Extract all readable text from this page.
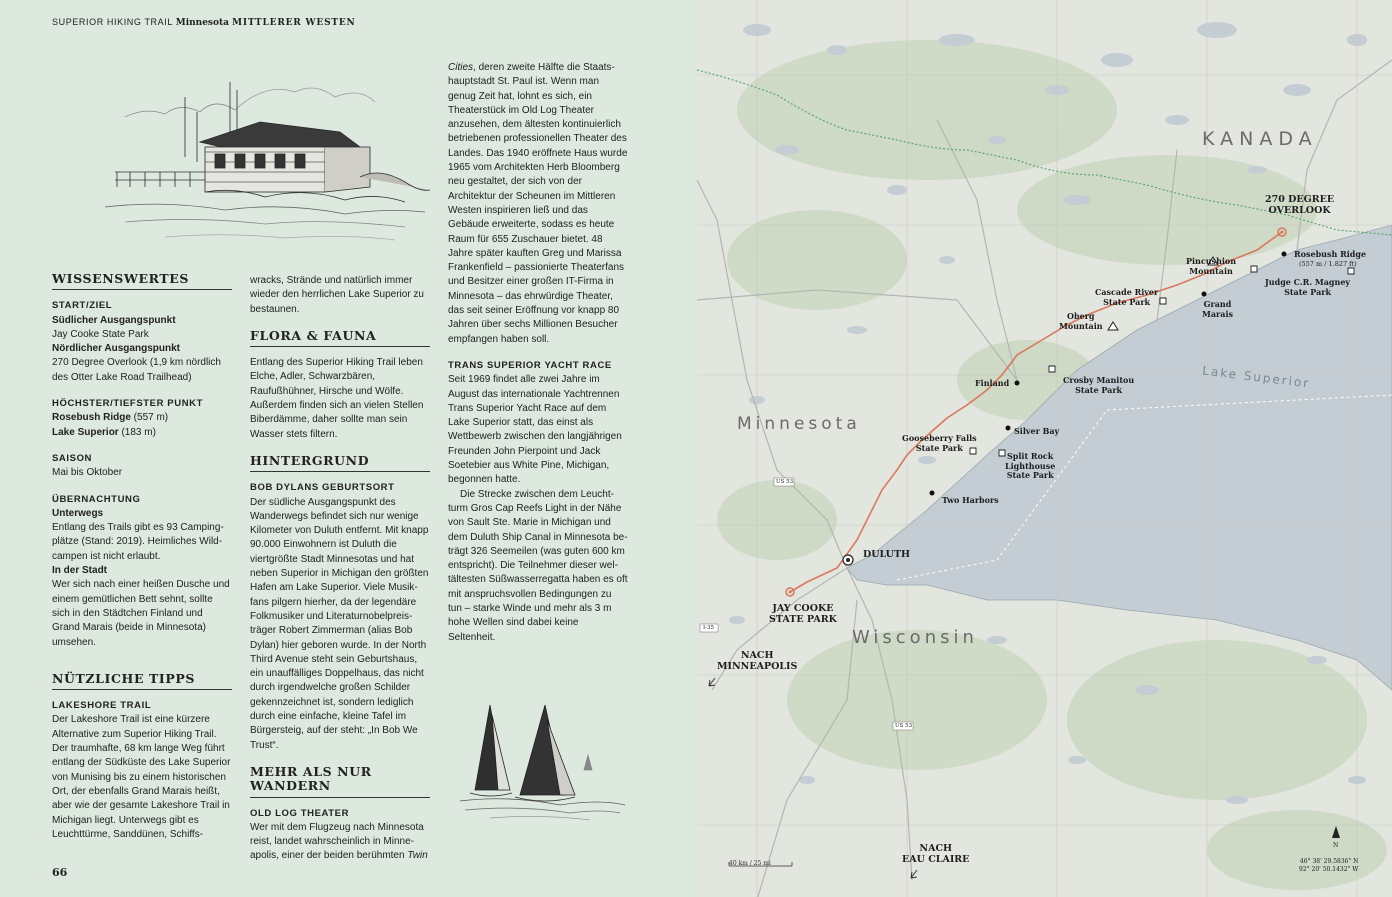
SUPERIOR HIKING TRAIL Minnesota MITTLERER WESTEN
WISSENSWERTES
START/ZIEL

Südlicher Ausgangspunkt

Jay Cooke State Park

Nördlicher Ausgangspunkt

270 Degree Overlook (1,9 km nördlich des Otter Lake Road Trailhead)

HÖCHSTER/TIEFSTER PUNKT

Rosebush Ridge (557 m)

Lake Superior (183 m)

SAISON

Mai bis Oktober

ÜBERNACHTUNG

Unterwegs

Entlang des Trails gibt es 93 Campingplätze (Stand: 2019). Heimliches Wildcampen ist nicht erlaubt.

In der Stadt

Wer sich nach einer heißen Dusche und einem gemütlichen Bett sehnt, sollte sich in den Städtchen Finland und Grand Marais (beide in Minnesota) umsehen.

NÜTZLICHE TIPPS
LAKESHORE TRAIL

Der Lakeshore Trail ist eine kürzere Alternative zum Superior Hiking Trail. Der traumhafte, 68 km lange Weg führt entlang der Südküste des Lake Superior von Munising bis zu einem historischen Ort, der ebenfalls Grand Marais heißt, aber wie der gesamte Lakeshore Trail in Michigan liegt. Unterwegs gibt es Leuchttürme, Sanddünen, Schiffs-

wracks, Strände und natürlich immer wieder den herrlichen Lake Superior zu bestaunen.

FLORA & FAUNA

Entlang des Superior Hiking Trail leben Elche, Adler, Schwarzbären, Raufußhühner, Hirsche und Wölfe. Außerdem finden sich an vielen Stellen Biberdämme, daher sollte man sein Wasser stets filtern.

HINTERGRUND
BOB DYLANS GEBURTSORT

Der südliche Ausgangspunkt des Wanderwegs befindet sich nur wenige Kilometer von Duluth entfernt. Mit knapp 90.000 Einwohnern ist Duluth die viertgrößte Stadt Minnesotas und hat neben Superior in Michigan den größten Hafen am Lake Superior. Viele Musikfans pilgern hierher, da der legendäre Folkmusiker und Literaturnobelpreisträger Robert Zimmerman (alias Bob Dylan) hier geboren wurde. In der North Third Avenue steht sein Geburtshaus, ein unauffälliges Doppelhaus, das nicht durch irgendwelche großen Schilder gekennzeichnet ist, sondern lediglich durch eine einfache, kleine Tafel im Bürgersteig, auf der steht: „In Bob We Trust“.

MEHR ALS NUR WANDERN
OLD LOG THEATER

Wer mit dem Flugzeug nach Minnesota reist, landet wahrscheinlich in Minneapolis, einer der beiden berühmten Twin

Cities, deren zweite Hälfte die Staatshauptstadt St. Paul ist. Wenn man genug Zeit hat, lohnt es sich, ein Theaterstück im Old Log Theater anzusehen, dem ältesten kontinuierlich betriebenen professionellen Theater des Landes. Das 1940 eröffnete Haus wurde 1965 vom Architekten Herb Bloomberg neu gestaltet, der sich von der Architektur der Scheunen im Mittleren Westen inspirieren ließ und das Gebäude erweiterte, sodass es heute Raum für 655 Zuschauer bietet. 48 Jahre später kauften Greg und Marissa Frankenfield – passionierte Theaterfans und Besitzer einer großen IT-Firma in Minnesota – das ehrwürdige Theater, das seit seiner Eröffnung vor knapp 80 Jahren über sechs Millionen Besucher empfangen haben soll.

TRANS SUPERIOR YACHT RACE

Seit 1969 findet alle zwei Jahre im August das internationale Yachtrennen Trans Superior Yacht Race auf dem Lake Superior statt, das einst als Wettbewerb zwischen den langjährigen Freunden John Pierpoint und Jack Soetebier aus White Pine, Michigan, begonnen hatte.

Die Strecke zwischen dem Leuchtturm Gros Cap Reefs Light in der Nähe von Sault Ste. Marie in Michigan und dem Duluth Ship Canal in Minnesota beträgt 326 Seemeilen (was guten 600 km entspricht). Die Teilnehmer dieser weltältesten Süßwasserregatta haben es oft mit anspruchsvollen Bedingungen zu tun – starke Winde und mehr als 3 m hohe Wellen sind dabei keine Seltenheit.

66
KANADA
Minnesota
Wisconsin
Lake Superior
270 DEGREE
OVERLOOK
Rosebush Ridge
(557 m / 1.827 ft)
Pincushion
Mountain
Judge C.R. Magney
State Park
Cascade River
State Park	Grand
Marais
Oberg
Mountain
Finland	Crosby Manitou
State Park
Silver Bay
Gooseberry Falls
State Park
Split Rock
Lighthouse
State Park
Two Harbors
DULUTH
JAY COOKE
STATE PARK
NACH
MINNEAPOLIS
NACH
EAU CLAIRE
US 53
US 53
I-35
N
40 km / 25 mi	46° 38' 29.5836" N
92° 20' 50.1432" W
